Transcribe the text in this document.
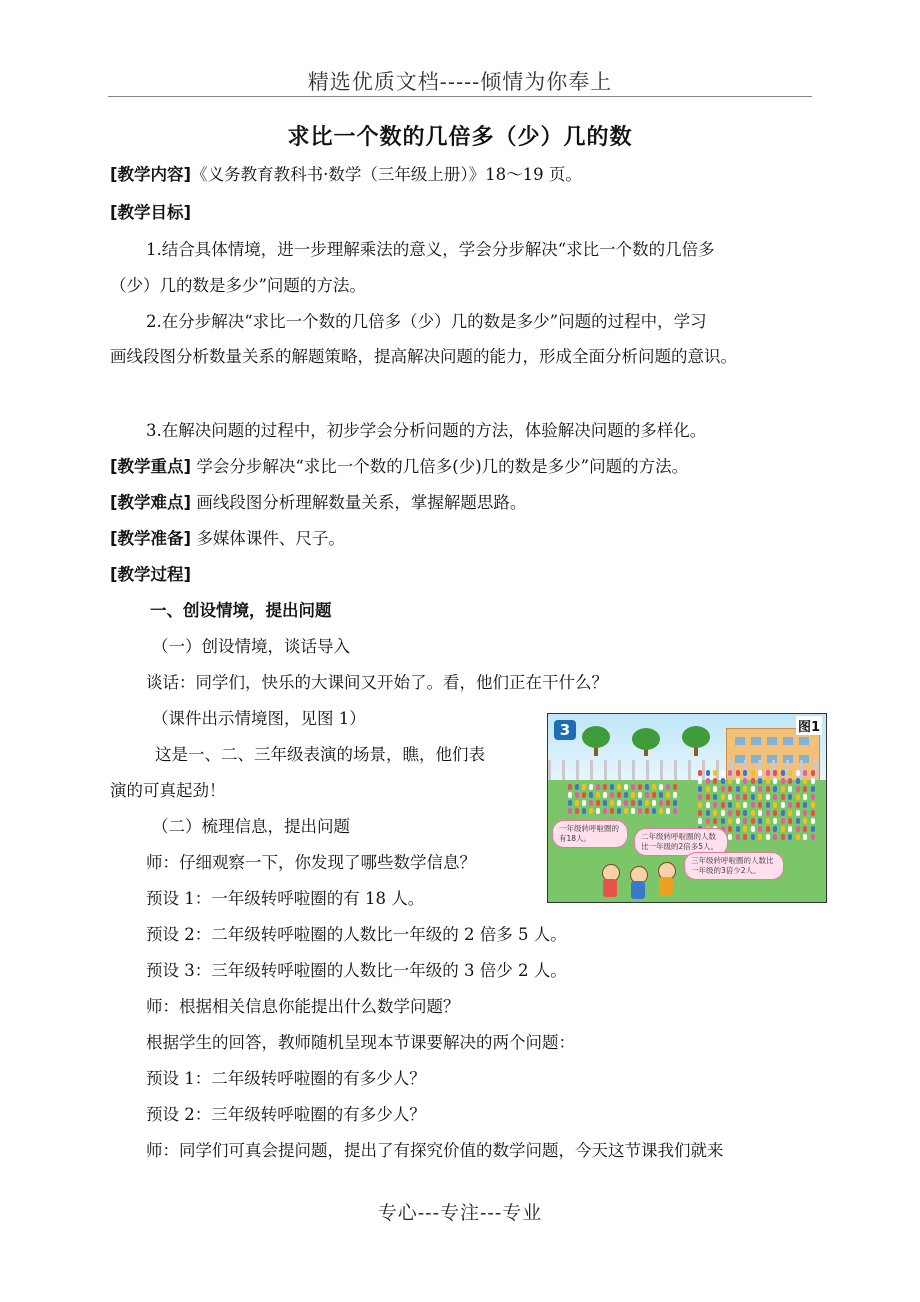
精选优质文档-----倾情为你奉上
求比一个数的几倍多（少）几的数
[教学内容]《义务教育教科书·数学（三年级上册）》18～19 页。
[教学目标]
1.结合具体情境，进一步理解乘法的意义，学会分步解决“求比一个数的几倍多
（少）几的数是多少”问题的方法。
2.在分步解决“求比一个数的几倍多（少）几的数是多少”问题的过程中，学习
画线段图分析数量关系的解题策略，提高解决问题的能力，形成全面分析问题的意识。
3.在解决问题的过程中，初步学会分析问题的方法，体验解决问题的多样化。
[教学重点] 学会分步解决“求比一个数的几倍多(少)几的数是多少”问题的方法。
[教学难点] 画线段图分析理解数量关系，掌握解题思路。
[教学准备] 多媒体课件、尺子。
[教学过程]
一、创设情境，提出问题
（一）创设情境，谈话导入
谈话：同学们，快乐的大课间又开始了。看，他们正在干什么？
（课件出示情境图，见图 1）
这是一、二、三年级表演的场景，瞧，他们表
演的可真起劲！
（二）梳理信息，提出问题
师：仔细观察一下，你发现了哪些数学信息？
预设 1：一年级转呼啦圈的有 18 人。
预设 2：二年级转呼啦圈的人数比一年级的 2 倍多 5 人。
预设 3：三年级转呼啦圈的人数比一年级的 3 倍少 2 人。
师：根据相关信息你能提出什么数学问题？
根据学生的回答，教师随机呈现本节课要解决的两个问题：
预设 1：二年级转呼啦圈的有多少人？
预设 2：三年级转呼啦圈的有多少人？
师：同学们可真会提问题，提出了有探究价值的数学问题，今天这节课我们就来
3	图1
一年级转呼啦圈的有18人。	二年级转呼啦圈的人数比一年级的2倍多5人。
三年级转呼啦圈的人数比一年级的3倍少2人。
专心---专注---专业
